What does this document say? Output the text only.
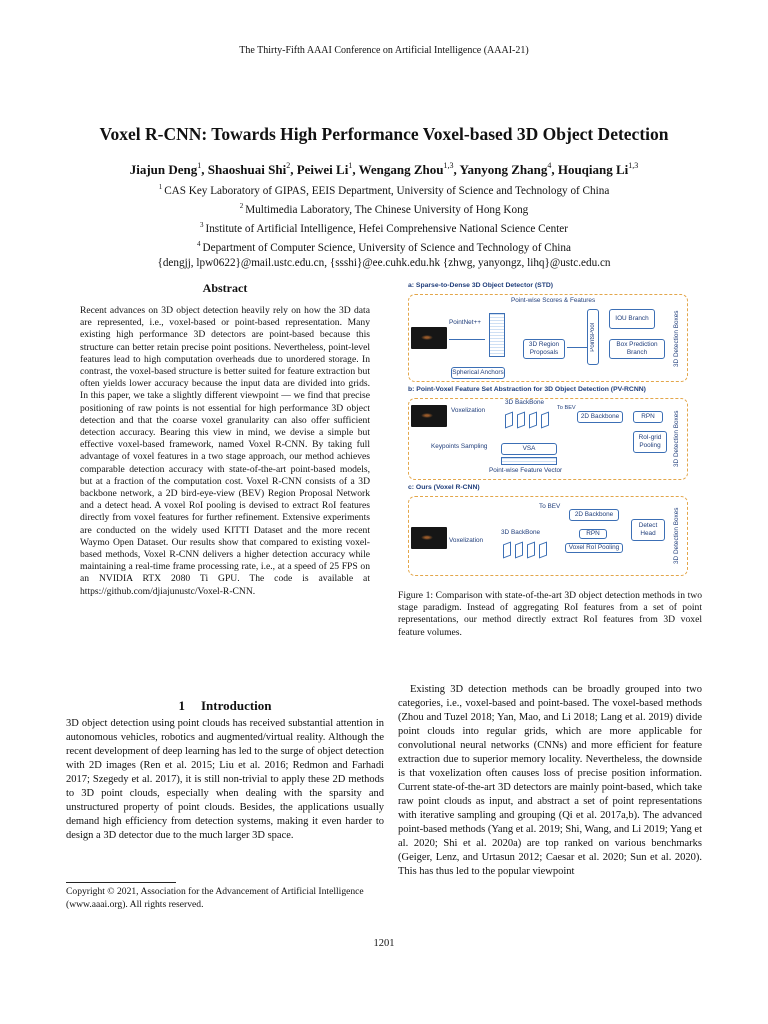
The Thirty-Fifth AAAI Conference on Artificial Intelligence (AAAI-21)
Voxel R-CNN: Towards High Performance Voxel-based 3D Object Detection
Jiajun Deng$^1$, Shaoshuai Shi$^2$, Peiwei Li$^1$, Wengang Zhou$^{1,3}$, Yanyong Zhang$^4$, Houqiang Li$^{1,3}$
$^1$ CAS Key Laboratory of GIPAS, EEIS Department, University of Science and Technology of China
$^2$ Multimedia Laboratory, The Chinese University of Hong Kong
$^3$ Institute of Artificial Intelligence, Hefei Comprehensive National Science Center
$^4$ Department of Computer Science, University of Science and Technology of China
{dengjj, lpw0622}@mail.ustc.edu.cn, {ssshi}@ee.cuhk.edu.hk {zhwg, yanyongz, lihq}@ustc.edu.cn
Abstract

Recent advances on 3D object detection heavily rely on how the 3D data are represented, i.e., voxel-based or point-based representation. Many existing high performance 3D detectors are point-based because this structure can better retain precise point positions. Nevertheless, point-level features lead to high computation overheads due to unordered storage. In contrast, the voxel-based structure is better suited for feature extraction but often yields lower accuracy because the input data are divided into grids. In this paper, we take a slightly different viewpoint — we find that precise positioning of raw points is not essential for high performance 3D object detection and that the coarse voxel granularity can also offer sufficient detection accuracy. Bearing this view in mind, we devise a simple but effective voxel-based framework, named Voxel R-CNN. By taking full advantage of voxel features in a two stage approach, our method achieves comparable detection accuracy with state-of-the-art point-based models, but at a fraction of the computation cost. Voxel R-CNN consists of a 3D backbone network, a 2D bird-eye-view (BEV) Region Proposal Network and a detect head. A voxel RoI pooling is devised to extract RoI features directly from voxel features for further refinement. Extensive experiments are conducted on the widely used KITTI Dataset and the more recent Waymo Open Dataset. Our results show that compared to existing voxel-based methods, Voxel R-CNN delivers a higher detection accuracy while maintaining a real-time frame processing rate, i.e., at a speed of 25 FPS on an NVIDIA RTX 2080 Ti GPU. The code is available at https://github.com/djiajunustc/Voxel-R-CNN.

1 Introduction

3D object detection using point clouds has received substantial attention in autonomous vehicles, robotics and augmented/virtual reality. Although the recent development of deep learning has led to the surge of object detection with 2D images (Ren et al. 2015; Liu et al. 2016; Redmon and Farhadi 2017; Szegedy et al. 2017), it is still non-trivial to apply these 2D methods to 3D point clouds, especially when dealing with the sparsity and unstructured property of point clouds. Besides, the applications usually demand high efficiency from detection systems, making it even harder to design a 3D detector due to the much larger 3D space.

Copyright © 2021, Association for the Advancement of Artificial Intelligence (www.aaai.org). All rights reserved.
a: Sparse-to-Dense 3D Object Detector (STD)
PointNet++
Point-wise Scores & Features
3D Region Proposals
Spherical Anchors
PointsPool
IOU Branch
Box Prediction Branch	3D Detection Boxes
b: Point-Voxel Feature Set Abstraction for 3D Object Detection (PV-RCNN)
Voxelization
3D BackBone
To BEV
2D Backbone	RPN
Keypoints Sampling	VSA
RoI-grid Pooling
Point-wise Feature Vector
3D Detection Boxes
c: Ours (Voxel R-CNN)
Voxelization
3D BackBone
To BEV
2D Backbone
RPN
Voxel RoI Pooling
Detect Head	3D Detection Boxes
Figure 1: Comparison with state-of-the-art 3D object detection methods in two stage paradigm. Instead of aggregating RoI features from a set of point representations, our method directly extract RoI features from 3D voxel feature volumes.

Existing 3D detection methods can be broadly grouped into two categories, i.e., voxel-based and point-based. The voxel-based methods (Zhou and Tuzel 2018; Yan, Mao, and Li 2018; Lang et al. 2019) divide point clouds into regular grids, which are more applicable for convolutional neural networks (CNNs) and more efficient for feature extraction due to superior memory locality. Nevertheless, the downside is that voxelization often causes loss of precise position information. Current state-of-the-art 3D detectors are mainly point-based, which take raw point clouds as input, and abstract a set of point representations with iterative sampling and grouping (Qi et al. 2017a,b). The advanced point-based methods (Yang et al. 2019; Shi, Wang, and Li 2019; Yang et al. 2020; Shi et al. 2020a) are top ranked on various benchmarks (Geiger, Lenz, and Urtasun 2012; Caesar et al. 2020; Sun et al. 2020). This has thus led to the popular viewpoint

1201
